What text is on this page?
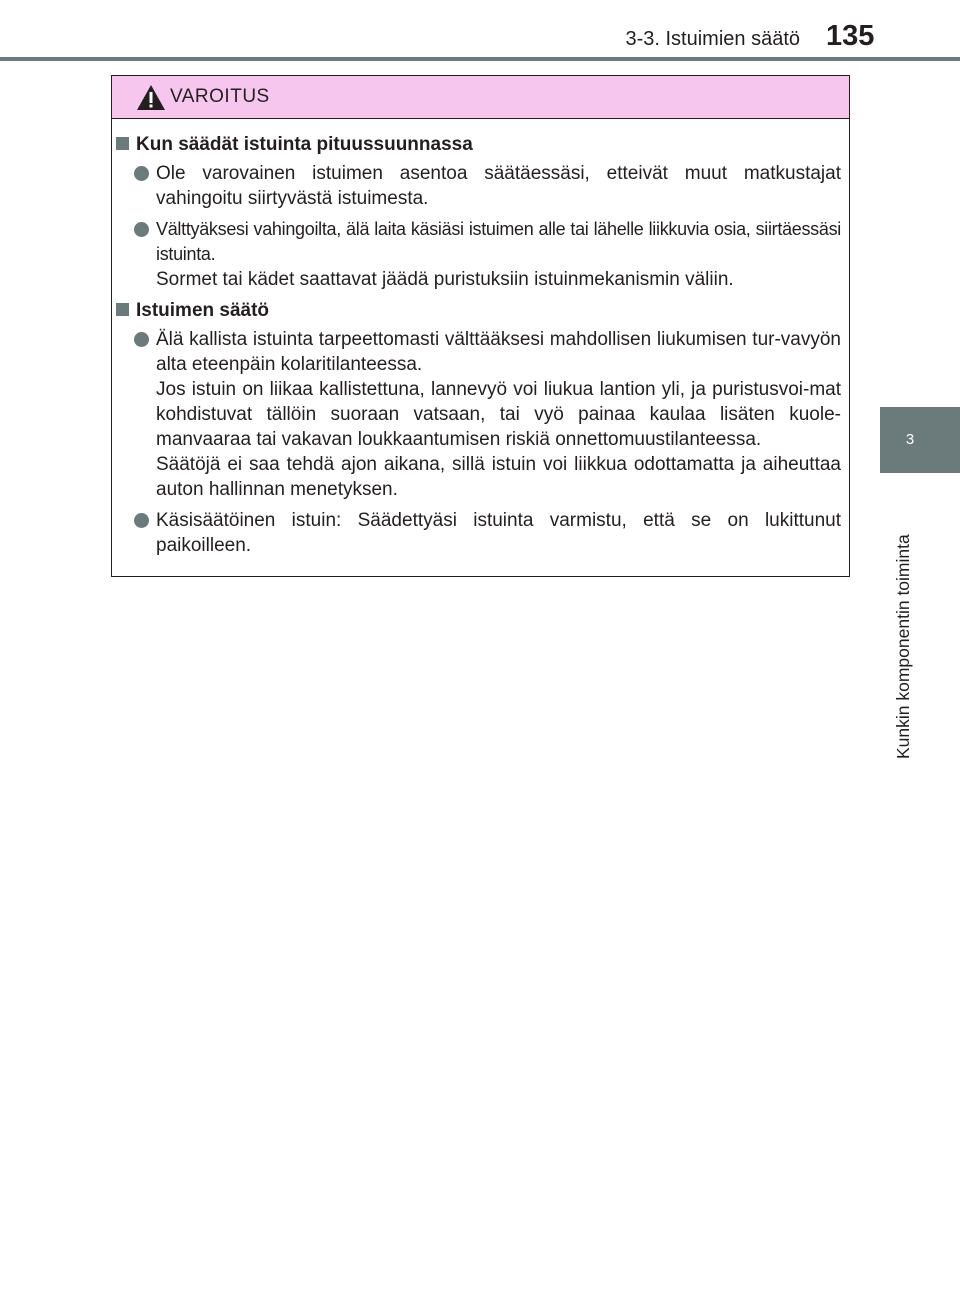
3-3. Istuimien säätö 135
3
Kunkin komponentin toiminta
VAROITUS
Kun säädät istuinta pituussuunnassa

Ole varovainen istuimen asentoa säätäessäsi, etteivät muut matkustajat vahingoitu siirtyvästä istuimesta.

Välttyäksesi vahingoilta, älä laita käsiäsi istuimen alle tai lähelle liikkuvia osia, siirtäessäsi istuinta.

Sormet tai kädet saattavat jäädä puristuksiin istuinmekanismin väliin.

Istuimen säätö

Älä kallista istuinta tarpeettomasti välttääksesi mahdollisen liukumisen tur-vavyön alta eteenpäin kolaritilanteessa.

Jos istuin on liikaa kallistettuna, lannevyö voi liukua lantion yli, ja puristusvoi-mat kohdistuvat tällöin suoraan vatsaan, tai vyö painaa kaulaa lisäten kuole-manvaaraa tai vakavan loukkaantumisen riskiä onnettomuustilanteessa.

Säätöjä ei saa tehdä ajon aikana, sillä istuin voi liikkua odottamatta ja aiheuttaa auton hallinnan menetyksen.

Käsisäätöinen istuin: Säädettyäsi istuinta varmistu, että se on lukittunut paikoilleen.
